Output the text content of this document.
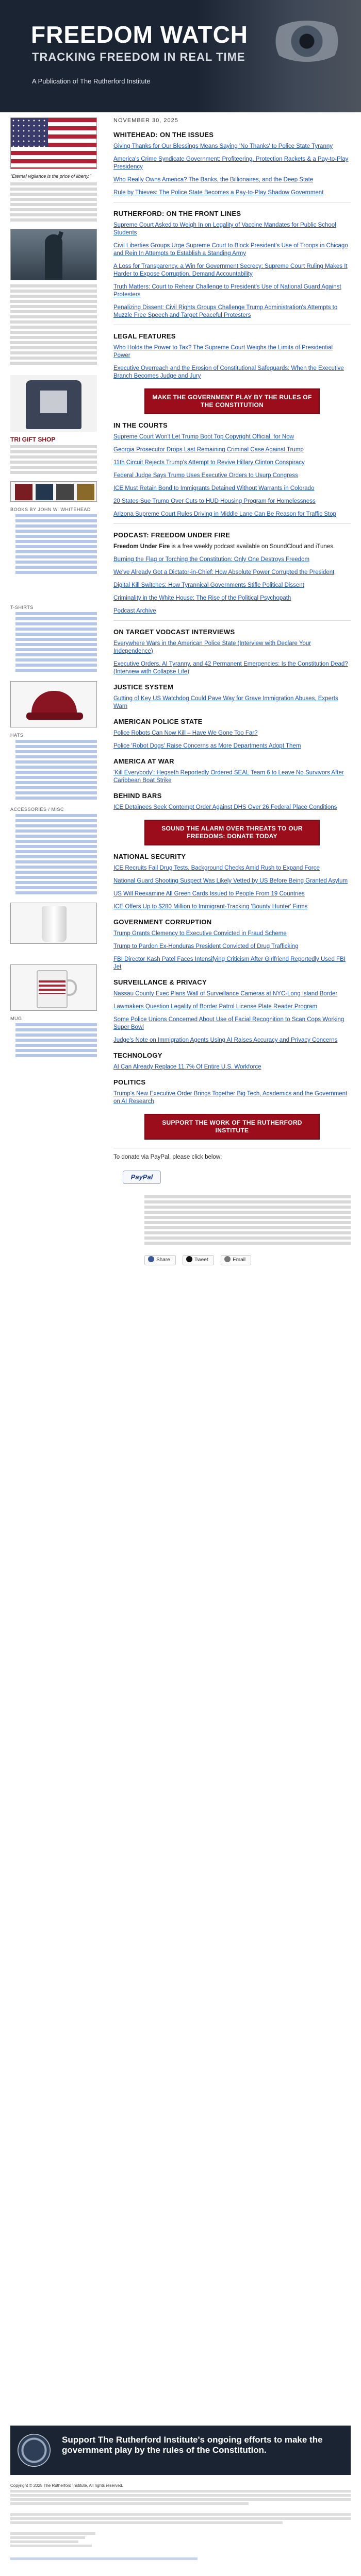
FREEDOM WATCH
TRACKING FREEDOM IN REAL TIME
A Publication of The Rutherford Institute
"Eternal vigilance is the price of liberty."
TRI GIFT SHOP
BOOKS BY JOHN W. WHITEHEAD
T-SHIRTS
HATS
ACCESSORIES / MISC
MUG
NOVEMBER 30, 2025
WHITEHEAD: ON THE ISSUES
Giving Thanks for Our Blessings Means Saying 'No Thanks' to Police State Tyranny
America's Crime Syndicate Government: Profiteering, Protection Rackets & a Pay-to-Play Presidency
Who Really Owns America? The Banks, the Billionaires, and the Deep State
Rule by Thieves: The Police State Becomes a Pay-to-Play Shadow Government
RUTHERFORD: ON THE FRONT LINES
Supreme Court Asked to Weigh In on Legality of Vaccine Mandates for Public School Students
Civil Liberties Groups Urge Supreme Court to Block President's Use of Troops in Chicago and Rein In Attempts to Establish a Standing Army
A Loss for Transparency, a Win for Government Secrecy: Supreme Court Ruling Makes It Harder to Expose Corruption, Demand Accountability
Truth Matters: Court to Rehear Challenge to President's Use of National Guard Against Protesters
Penalizing Dissent: Civil Rights Groups Challenge Trump Administration's Attempts to Muzzle Free Speech and Target Peaceful Protesters
LEGAL FEATURES
Who Holds the Power to Tax? The Supreme Court Weighs the Limits of Presidential Power
Executive Overreach and the Erosion of Constitutional Safeguards: When the Executive Branch Becomes Judge and Jury
MAKE THE GOVERNMENT PLAY BY THE RULES OF THE CONSTITUTION
IN THE COURTS
Supreme Court Won't Let Trump Boot Top Copyright Official, for Now
Georgia Prosecutor Drops Last Remaining Criminal Case Against Trump
11th Circuit Rejects Trump's Attempt to Revive Hillary Clinton Conspiracy
Federal Judge Says Trump Uses Executive Orders to Usurp Congress
ICE Must Retain Bond to Immigrants Detained Without Warrants in Colorado
20 States Sue Trump Over Cuts to HUD Housing Program for Homelessness
Arizona Supreme Court Rules Driving in Middle Lane Can Be Reason for Traffic Stop
PODCAST: FREEDOM UNDER FIRE
Freedom Under Fire is a free weekly podcast available on SoundCloud and iTunes.
Burning the Flag or Torching the Constitution: Only One Destroys Freedom
We've Already Got a Dictator-in-Chief: How Absolute Power Corrupted the President
Digital Kill Switches: How Tyrannical Governments Stifle Political Dissent
Criminality in the White House: The Rise of the Political Psychopath
Podcast Archive
ON TARGET VODCAST INTERVIEWS
Everywhere Wars in the American Police State (Interview with Declare Your Independence)
Executive Orders, AI Tyranny, and 42 Permanent Emergencies: Is the Constitution Dead? (Interview with Collapse Life)
JUSTICE SYSTEM
Gutting of Key US Watchdog Could Pave Way for Grave Immigration Abuses, Experts Warn
AMERICAN POLICE STATE
Police Robots Can Now Kill – Have We Gone Too Far?
Police 'Robot Dogs' Raise Concerns as More Departments Adopt Them
AMERICA AT WAR
'Kill Everybody': Hegseth Reportedly Ordered SEAL Team 6 to Leave No Survivors After Caribbean Boat Strike
BEHIND BARS
ICE Detainees Seek Contempt Order Against DHS Over 26 Federal Place Conditions
SOUND THE ALARM OVER THREATS TO OUR FREEDOMS: DONATE TODAY
NATIONAL SECURITY
ICE Recruits Fail Drug Tests, Background Checks Amid Rush to Expand Force
National Guard Shooting Suspect Was Likely Vetted by US Before Being Granted Asylum
US Will Reexamine All Green Cards Issued to People From 19 Countries
ICE Offers Up to $280 Million to Immigrant-Tracking 'Bounty Hunter' Firms
GOVERNMENT CORRUPTION
Trump Grants Clemency to Executive Convicted in Fraud Scheme
Trump to Pardon Ex-Honduras President Convicted of Drug Trafficking
FBI Director Kash Patel Faces Intensifying Criticism After Girlfriend Reportedly Used FBI Jet
SURVEILLANCE & PRIVACY
Nassau County Exec Plans Wall of Surveillance Cameras at NYC-Long Island Border
Lawmakers Question Legality of Border Patrol License Plate Reader Program
Some Police Unions Concerned About Use of Facial Recognition to Scan Cops Working Super Bowl
Judge's Note on Immigration Agents Using AI Raises Accuracy and Privacy Concerns
TECHNOLOGY
AI Can Already Replace 11.7% Of Entire U.S. Workforce
POLITICS
Trump's New Executive Order Brings Together Big Tech, Academics and the Government on AI Research
SUPPORT THE WORK OF THE RUTHERFORD INSTITUTE
To donate via PayPal, please click below:
PayPal
Share	Tweet	Email
Support The Rutherford Institute's ongoing efforts to make the government play by the rules of the Constitution.
Copyright © 2025 The Rutherford Institute, All rights reserved.
